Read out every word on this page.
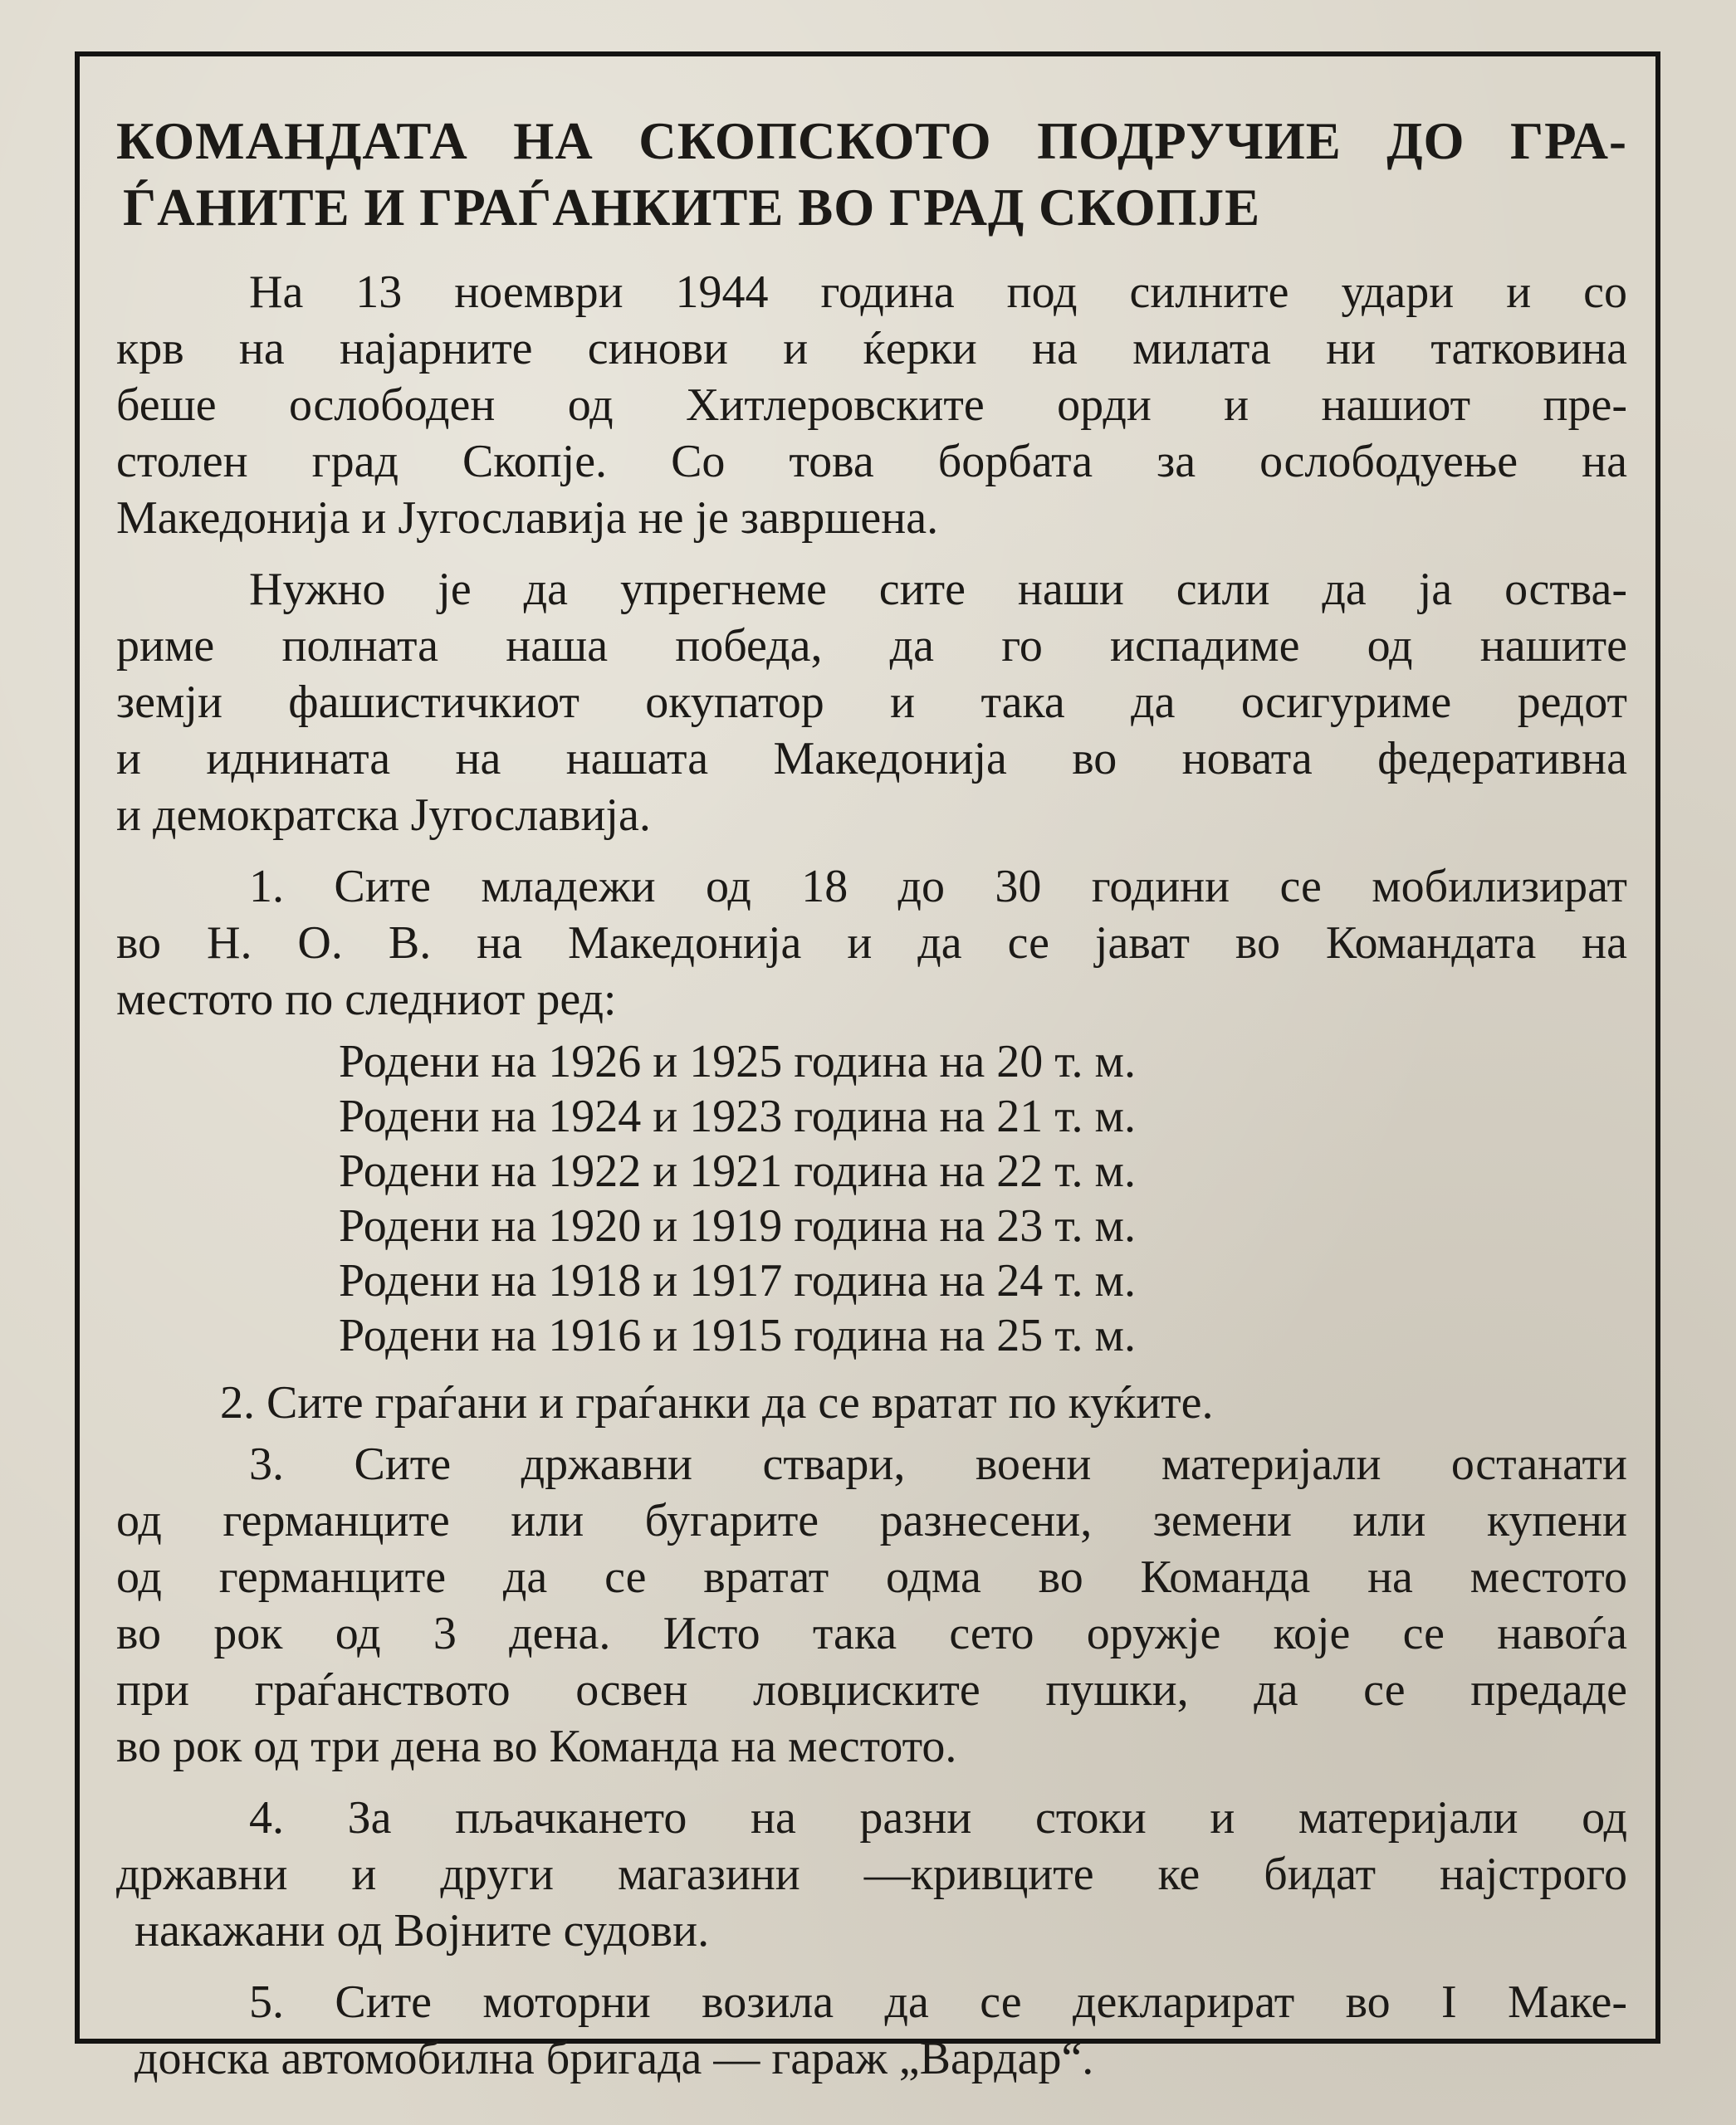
КОМАНДАТА НА СКОПСКОТО ПОДРУЧИЕ ДО ГРА-
ЃАНИТЕ И ГРАЃАНКИТЕ ВО ГРАД СКОПЈЕ
На 13 ноември 1944 година под силните удари и со
крв на најарните синови и ќерки на милата ни татковина
беше ослободен од Хитлеровските орди и нашиот пре-
столен град Скопје. Со това борбата за ослободуење на
Македонија и Југославија не је завршена.
Нужно је да упрегнеме сите наши сили да ја оства-
риме полната наша победа, да го испадиме од нашите
земји фашистичкиот окупатор и така да осигуриме редот
и иднината на нашата Македонија во новата федеративна
и демократска Југославија.
1. Сите младежи од 18 до 30 години се мобилизират
во Н. О. В. на Македонија и да се јават во Командата на
местото по следниот ред:
Родени на 1926 и 1925 година на 20 т. м.
Родени на 1924 и 1923 година на 21 т. м.
Родени на 1922 и 1921 година на 22 т. м.
Родени на 1920 и 1919 година на 23 т. м.
Родени на 1918 и 1917 година на 24 т. м.
Родени на 1916 и 1915 година на 25 т. м.
2. Сите граѓани и граѓанки да се вратат по куќите.
3. Сите државни ствари, воени материјали останати
од германците или бугарите разнесени, земени или купени
од германците да се вратат одма во Команда на местото
во рок од 3 дена. Исто така сето оружје које се навоѓа
при граѓанството освен ловџиските пушки, да се предаде
во рок од три дена во Команда на местото.
4. За пљачкането на разни стоки и материјали од
државни и други магазини —кривците ке бидат најстрого
накажани од Војните судови.
5. Сите моторни возила да се декларират во I Маке-
донска автомобилна бригада — гараж „Вардар“.
